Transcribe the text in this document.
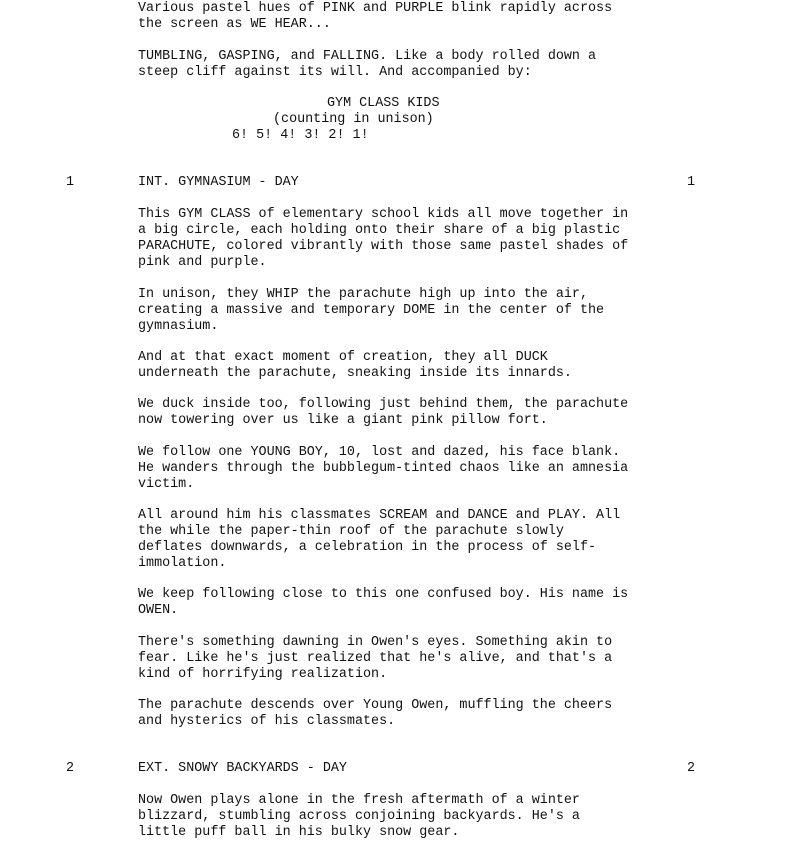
Various pastel hues of PINK and PURPLE blink rapidly across
the screen as WE HEAR...

TUMBLING, GASPING, and FALLING. Like a body rolled down a
steep cliff against its will. And accompanied by:

GYM CLASS KIDS
(counting in unison)
6! 5! 4! 3! 2! 1!
1	INT. GYMNASIUM - DAY	1

This GYM CLASS of elementary school kids all move together in
a big circle, each holding onto their share of a big plastic
PARACHUTE, colored vibrantly with those same pastel shades of
pink and purple.

In unison, they WHIP the parachute high up into the air,
creating a massive and temporary DOME in the center of the
gymnasium.

And at that exact moment of creation, they all DUCK
underneath the parachute, sneaking inside its innards.

We duck inside too, following just behind them, the parachute
now towering over us like a giant pink pillow fort.

We follow one YOUNG BOY, 10, lost and dazed, his face blank.
He wanders through the bubblegum-tinted chaos like an amnesia
victim.

All around him his classmates SCREAM and DANCE and PLAY. All
the while the paper-thin roof of the parachute slowly
deflates downwards, a celebration in the process of self-
immolation.

We keep following close to this one confused boy. His name is
OWEN.

There's something dawning in Owen's eyes. Something akin to
fear. Like he's just realized that he's alive, and that's a
kind of horrifying realization.

The parachute descends over Young Owen, muffling the cheers
and hysterics of his classmates.

2	EXT. SNOWY BACKYARDS - DAY	2

Now Owen plays alone in the fresh aftermath of a winter
blizzard, stumbling across conjoining backyards. He's a
little puff ball in his bulky snow gear.
